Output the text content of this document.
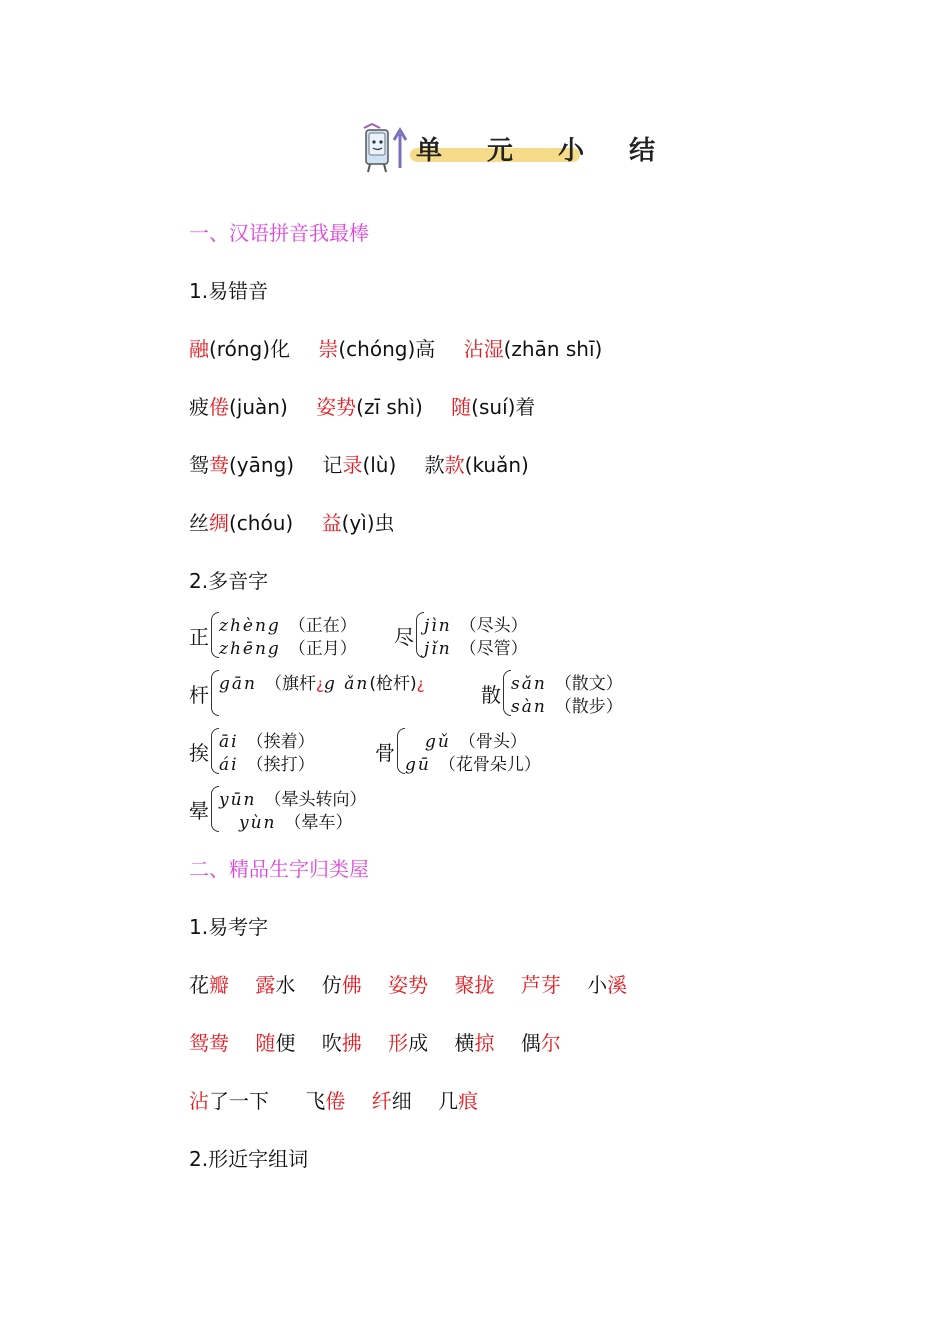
单 元 小 结
一、汉语拼音我最棒
1.易错音
融(róng)化 崇(chóng)高 沾湿(zhān shī)
疲倦(juàn) 姿势(zī shì) 随(suí)着
鸳鸯(yāng) 记录(lù) 款款(kuǎn)
丝绸(chóu) 益(yì)虫
2.多音字
正 zhèng （正在）
zhēng （正月） 尽 jìn （尽头）
jǐn （尽管）
杆 gān （旗杆¿g ǎn(枪杆)¿	散 sǎn （散文）
sàn （散步）
挨 āi （挨着）
ái （挨打）	骨 gǔ （骨头）
gū （花骨朵儿）
晕 yūn （晕头转向）
yùn （晕车）
二、精品生字归类屋
1.易考字
花瓣 露水 仿佛 姿势 聚拢 芦芽 小溪
鸳鸯 随便 吹拂 形成 横掠 偶尔
沾了一下 飞倦 纤细 几痕
2.形近字组词
